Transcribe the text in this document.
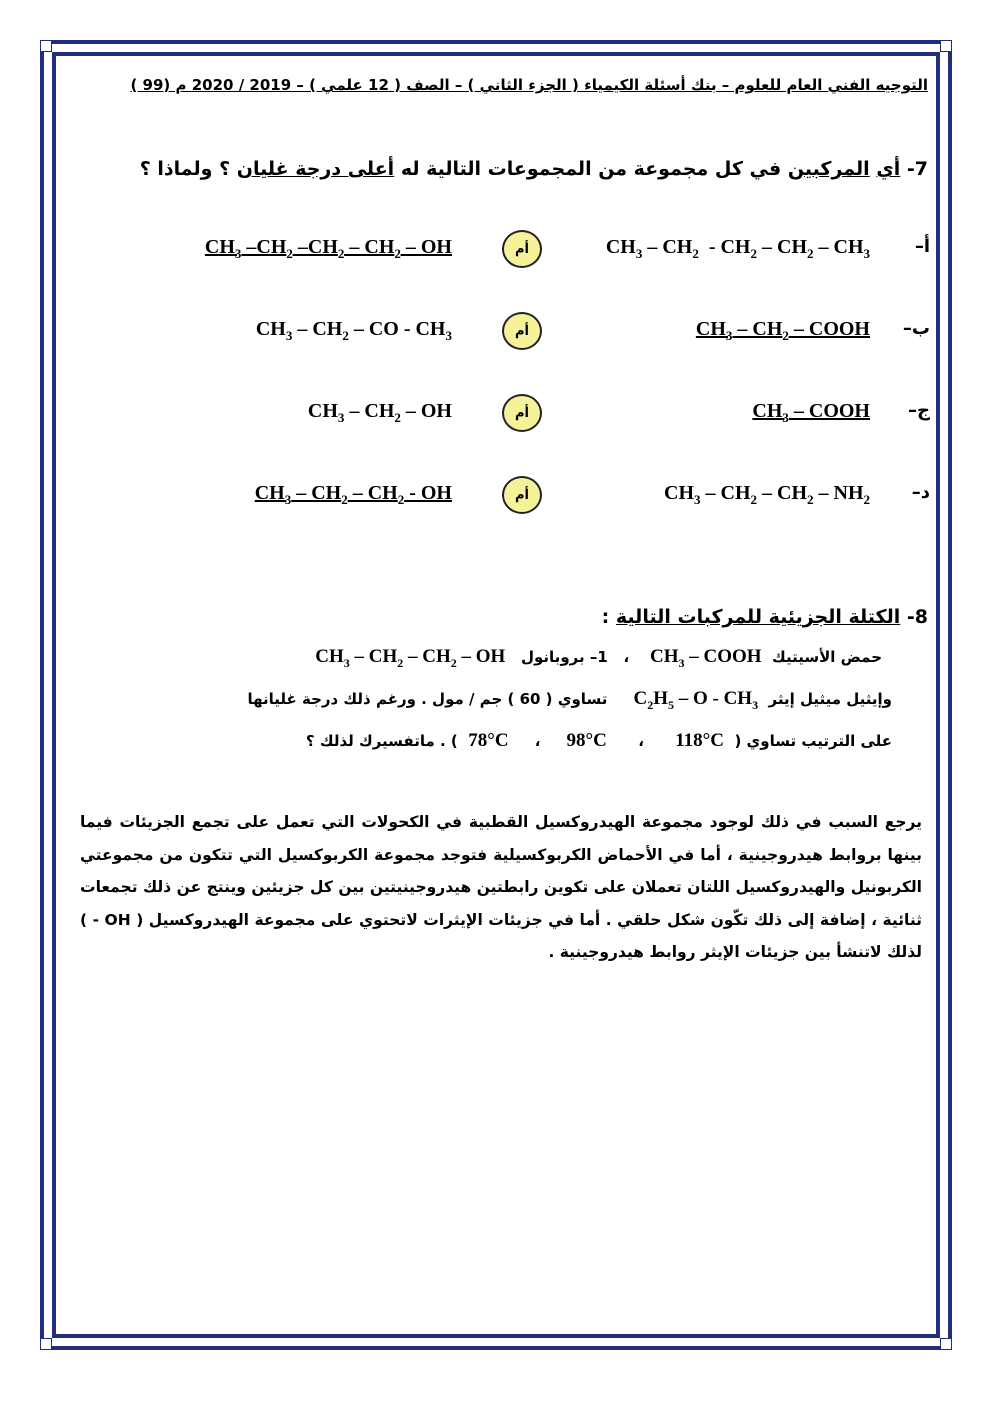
التوجيه الفني العام للعلوم – بنك أسئلة الكيمياء ( الجزء الثاني ) – الصف ( 12 علمي ) – 2019 / 2020 م (99 )
7- أي المركبين في كل مجموعة من المجموعات التالية له أعلى درجة غليان ؟ ولماذا ؟
أ–
$CH_3 - CH_2 - CH_2 - CH_2 - CH_3$
أم
$CH_3$ $-CH_2$ $-CH_2 - CH_2$ – OH
ب–
$CH_3 - CH_2$ – COOH
أم
$CH_3 - CH_2$ – CO - $CH_3$
ج–
$CH_3$ – COOH
أم
$CH_3 - CH_2$ – OH
د–
$CH_3 - CH_2 - CH_2 - NH_2$
أم
$CH_3 - CH_2 - CH_2$ - OH
8- الكتلة الجزيئية للمركبات التالية :
حمض الأسيتيك  $CH_3$ – COOH    ،   1– بروبانول   $CH_3 - CH_2 - CH_2$ – OH
وإيثيل ميثيل إيثر  $C_2H_5$ – O - $CH_3$     تساوي ( 60 ) جم / مول . ورغم ذلك درجة غليانها
على الترتيب تساوي (  118°C      ،      98°C     ،     78°C  ) . ماتفسيرك لذلك ؟
يرجع السبب في ذلك لوجود مجموعة الهيدروكسيل القطبية في الكحولات التي تعمل على تجمع الجزيئات فيما بينها بروابط هيدروجينية ، أما في الأحماض الكربوكسيلية فتوجد مجموعة الكربوكسيل التي تتكون من مجموعتي الكربونيل والهيدروكسيل اللتان تعملان على تكوين رابطتين هيدروجينيتين بين كل جزيئين وينتج عن ذلك تجمعات ثنائية ، إضافة إلى ذلك تكّون شكل حلقي . أما في جزيئات الإيثرات لاتحتوي على مجموعة الهيدروكسيل ( OH - ) لذلك لاتنشأ بين جزيئات الإيثر روابط هيدروجينية .
